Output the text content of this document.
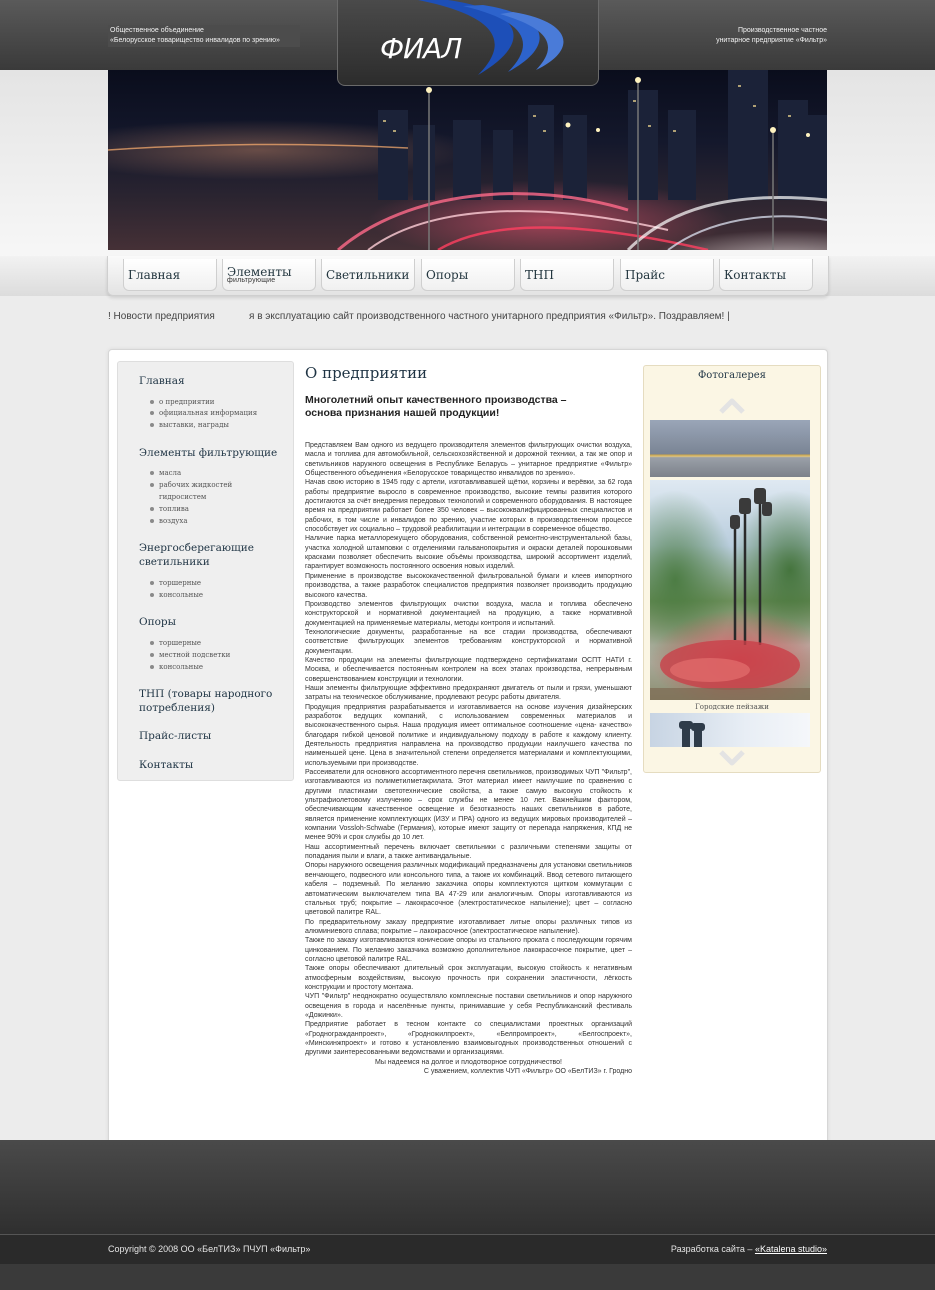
Общественное объединение
«Белорусское товарищество инвалидов по зрению»
Производственное частное
унитарное предприятие «Фильтр»
ФИАЛ
Главная	Элементы
фильтрующие	Светильники	Опоры	ТНП	Прайс	Контакты
! Новости предприятия	я в эксплуатацию сайт производственного частного унитарного предприятия «Фильтр». Поздравляем! |
Главная
о предприятии
официальная информация
выставки, награды
Элементы фильтрующие
масла
рабочих жидкостей
гидросистем
топлива
воздуха
Энергосберегающие светильники
торшерные
консольные
Опоры
торшерные
местной подсветки
консольные
ТНП (товары народного потребления)
Прайс-листы
Контакты
О предприятии
Многолетний опыт качественного производства –
основа признания нашей продукции!

Представляем Вам одного из ведущего производителя элементов фильтрующих очистки воздуха, масла и топлива для автомобильной, сельскохозяйственной и дорожной техники, а так же опор и светильников наружного освещения в Республике Беларусь – унитарное предприятие «Фильтр» Общественного объединения «Белорусское товарищество инвалидов по зрению».

Начав свою историю в 1945 году с артели, изготавливавшей щётки, корзины и верёвки, за 62 года работы предприятие выросло в современное производство, высокие темпы развития которого достигаются за счёт внедрения передовых технологий и современного оборудования. В настоящее время на предприятии работает более 350 человек – высококвалифицированных специалистов и рабочих, в том числе и инвалидов по зрению, участие которых в производственном процессе способствует их социально – трудовой реабилитации и интеграции в современное общество.

Наличие парка металлорежущего оборудования, собственной ремонтно-инструментальной базы, участка холодной штамповки с отделениями гальванопокрытия и окраски деталей порошковыми красками позволяет обеспечить высокие объёмы производства, широкий ассортимент изделий, гарантирует возможность постоянного освоения новых изделий.

Применение в производстве высококачественной фильтровальной бумаги и клеев импортного производства, а также разработок специалистов предприятия позволяет производить продукцию высокого качества.

Производство элементов фильтрующих очистки воздуха, масла и топлива обеспечено конструкторской и нормативной документацией на продукцию, а также нормативной документацией на применяемые материалы, методы контроля и испытаний.

Технологические документы, разработанные на все стадии производства, обеспечивают соответствие фильтрующих элементов требованиям конструкторской и нормативной документации.

Качество продукции на элементы фильтрующие подтверждено сертификатами ОСПТ НАТИ г. Москва, и обеспечивается постоянным контролем на всех этапах производства, непрерывным совершенствованием конструкции и технологии.

Наши элементы фильтрующие эффективно предохраняют двигатель от пыли и грязи, уменьшают затраты на техническое обслуживание, продлевают ресурс работы двигателя.

Продукция предприятия разрабатывается и изготавливается на основе изучения дизайнерских разработок ведущих компаний, с использованием современных материалов и высококачественного сырья. Наша продукция имеет оптимальное соотношение «цена- качество» благодаря гибкой ценовой политике и индивидуальному подходу в работе к каждому клиенту. Деятельность предприятия направлена на производство продукции наилучшего качества по наименьшей цене. Цена в значительной степени определяется материалами и комплектующими, используемыми при производстве.

Рассеиватели для основного ассортиментного перечня светильников, производимых ЧУП "Фильтр", изготавливаются из полиметилметакрилата. Этот материал имеет наилучшие по сравнению с другими пластиками светотехнические свойства, а также самую высокую стойкость к ультрафиолетовому излучению – срок службы не менее 10 лет. Важнейшим фактором, обеспечивающим качественное освещение и безотказность наших светильников в работе, является применение комплектующих (ИЗУ и ПРА) одного из ведущих мировых производителей – компании Vossloh-Schwabe (Германия), которые имеют защиту от перепада напряжения, КПД не менее 90% и срок службы до 10 лет.

Наш ассортиментный перечень включает светильники с различными степенями защиты от попадания пыли и влаги, а также антивандальные.

Опоры наружного освещения различных модификаций предназначены для установки светильников венчающего, подвесного или консольного типа, а также их комбинаций. Ввод сетевого питающего кабеля – подземный. По желанию заказчика опоры комплектуются щитком коммутации с автоматическим выключателем типа ВА 47-29 или аналогичным. Опоры изготавливаются из стальных труб; покрытие – лакокрасочное (электростатическое напыление); цвет – согласно цветовой палитре RAL.

По предварительному заказу предприятие изготавливает литые опоры различных типов из алюминиевого сплава; покрытие – лакокрасочное (электростатическое напыление).

Также по заказу изготавливаются конические опоры из стального проката с последующим горячим цинкованием. По желанию заказчика возможно дополнительное лакокрасочное покрытие, цвет – согласно цветовой палитре RAL.

Также опоры обеспечивают длительный срок эксплуатации, высокую стойкость к негативным атмосферным воздействиям, высокую прочность при сохранении эластичности, лёгкость конструкции и простоту монтажа.

ЧУП "Фильтр" неоднократно осуществляло комплексные поставки светильников и опор наружного освещения в города и населённые пункты, принимавшие у себя Республиканский фестиваль «Дожинки».

Предприятие работает в тесном контакте со специалистами проектных организаций «Гродногражданпроект», «Гродножилпроект», «Белпромпроект», «Белгоспроект», «Минскинжпроект» и готово к установлению взаимовыгодных производственных отношений с другими заинтересованными ведомствами и организациями.

Мы надеемся на долгое и плодотворное сотрудничество!

С уважением, коллектив ЧУП «Фильтр» ОО «БелТИЗ» г. Гродно

Фотогалерея
Городские пейзажи
Copyright © 2008 ОО «БелТИЗ» ПЧУП «Фильтр»	Разработка сайта – «Katalena studio»
